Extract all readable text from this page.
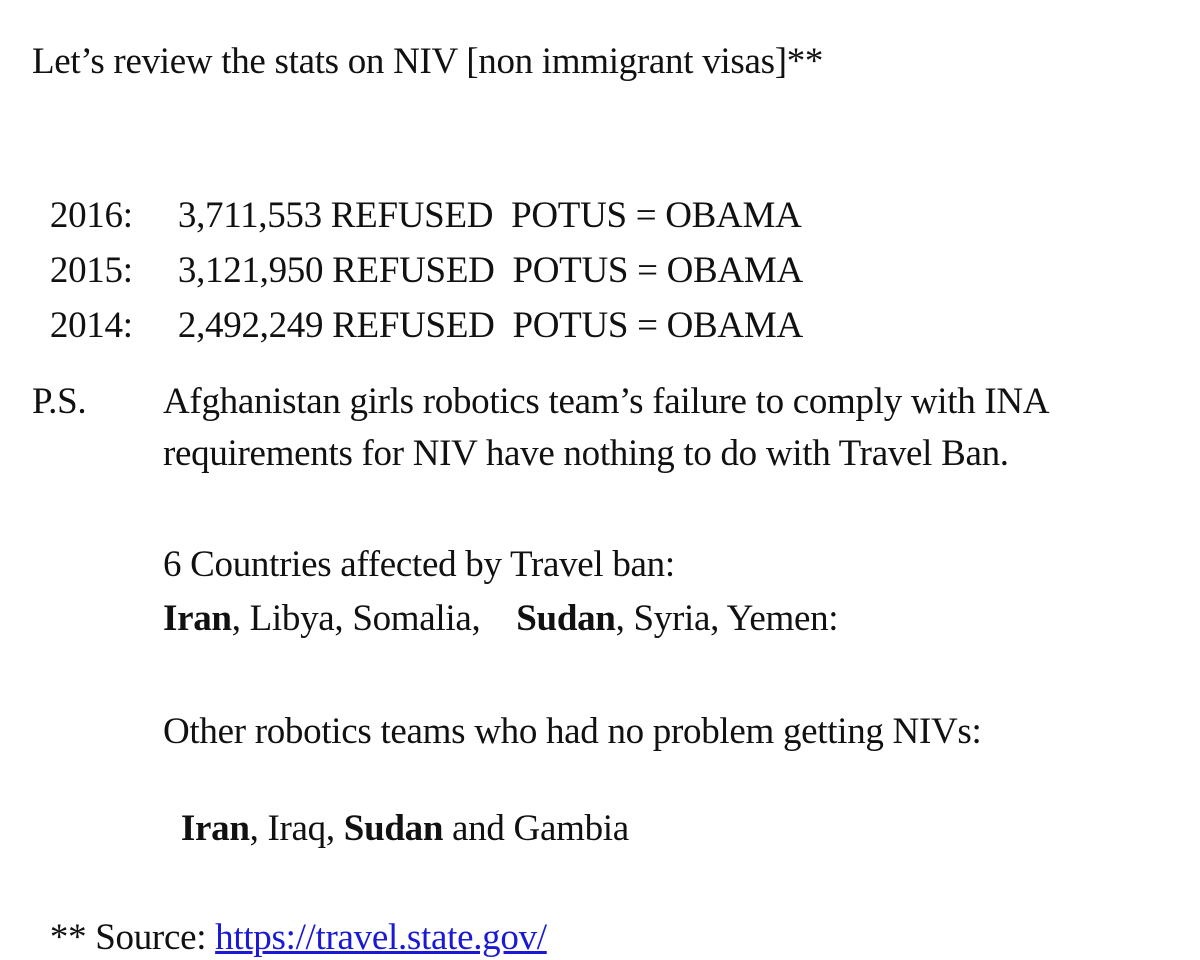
Let’s review the stats on NIV [non immigrant visas]**

2016:	3,711,553 REFUSED POTUS = OBAMA

2015:	3,121,950 REFUSED POTUS = OBAMA

2014:	2,492,249 REFUSED POTUS = OBAMA

P.S. Afghanistan girls robotics team’s failure to comply with INA
requirements for NIV have nothing to do with Travel Ban.
6 Countries affected by Travel ban:
Iran, Libya, Somalia,    Sudan, Syria, Yemen:
Other robotics teams who had no problem getting NIVs:

Iran, Iraq, Sudan and Gambia

** Source: https://travel.state.gov/
